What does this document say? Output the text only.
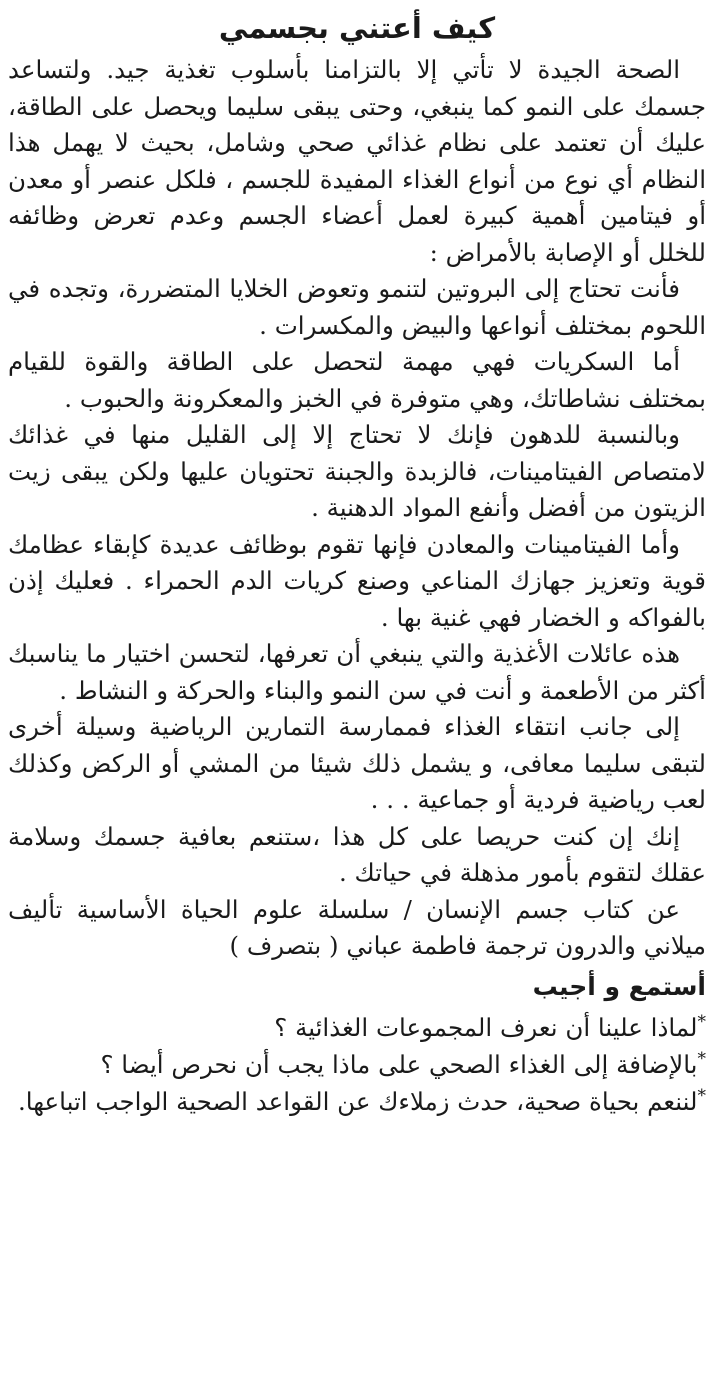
كيف أعتني بجسمي

الصحة الجيدة لا تأتي إلا بالتزامنا بأسلوب تغذية جيد. ولتساعد جسمك على النمو كما ينبغي، وحتى يبقى سليما ويحصل على الطاقة، عليك أن تعتمد على نظام غذائي صحي وشامل، بحيث لا يهمل هذا النظام أي نوع من أنواع الغذاء المفيدة للجسم ، فلكل عنصر أو معدن أو فيتامين أهمية كبيرة لعمل أعضاء الجسم وعدم تعرض وظائفه للخلل أو الإصابة بالأمراض :

فأنت تحتاج إلى البروتين لتنمو وتعوض الخلايا المتضررة، وتجده في اللحوم بمختلف أنواعها والبيض والمكسرات .

أما السكريات فهي مهمة لتحصل على الطاقة والقوة للقيام بمختلف نشاطاتك، وهي متوفرة في الخبز والمعكرونة والحبوب .

وبالنسبة للدهون فإنك لا تحتاج إلا إلى القليل منها في غذائك لامتصاص الفيتامينات، فالزبدة والجبنة تحتويان عليها ولكن يبقى زيت الزيتون من أفضل وأنفع المواد الدهنية .

وأما الفيتامينات والمعادن فإنها تقوم بوظائف عديدة كإبقاء عظامك قوية وتعزيز جهازك المناعي وصنع كريات الدم الحمراء . فعليك إذن بالفواكه و الخضار فهي غنية بها .

هذه عائلات الأغذية والتي ينبغي أن تعرفها، لتحسن اختيار ما يناسبك أكثر من الأطعمة و أنت في سن النمو والبناء والحركة و النشاط .

إلى جانب انتقاء الغذاء فممارسة التمارين الرياضية وسيلة أخرى لتبقى سليما معافى، و يشمل ذلك شيئا من المشي أو الركض وكذلك لعب رياضية فردية أو جماعية . . .

إنك إن كنت حريصا على كل هذا ،ستنعم بعافية جسمك وسلامة عقلك لتقوم بأمور مذهلة في حياتك .

عن كتاب جسم الإنسان / سلسلة علوم الحياة الأساسية تأليف ميلاني والدرون ترجمة فاطمة عباني ( بتصرف )

أستمع و أجيب
*لماذا علينا أن نعرف المجموعات الغذائية ؟
*بالإضافة إلى الغذاء الصحي على ماذا يجب أن نحرص أيضا ؟
*لننعم بحياة صحية، حدث زملاءك عن القواعد الصحية الواجب اتباعها.
